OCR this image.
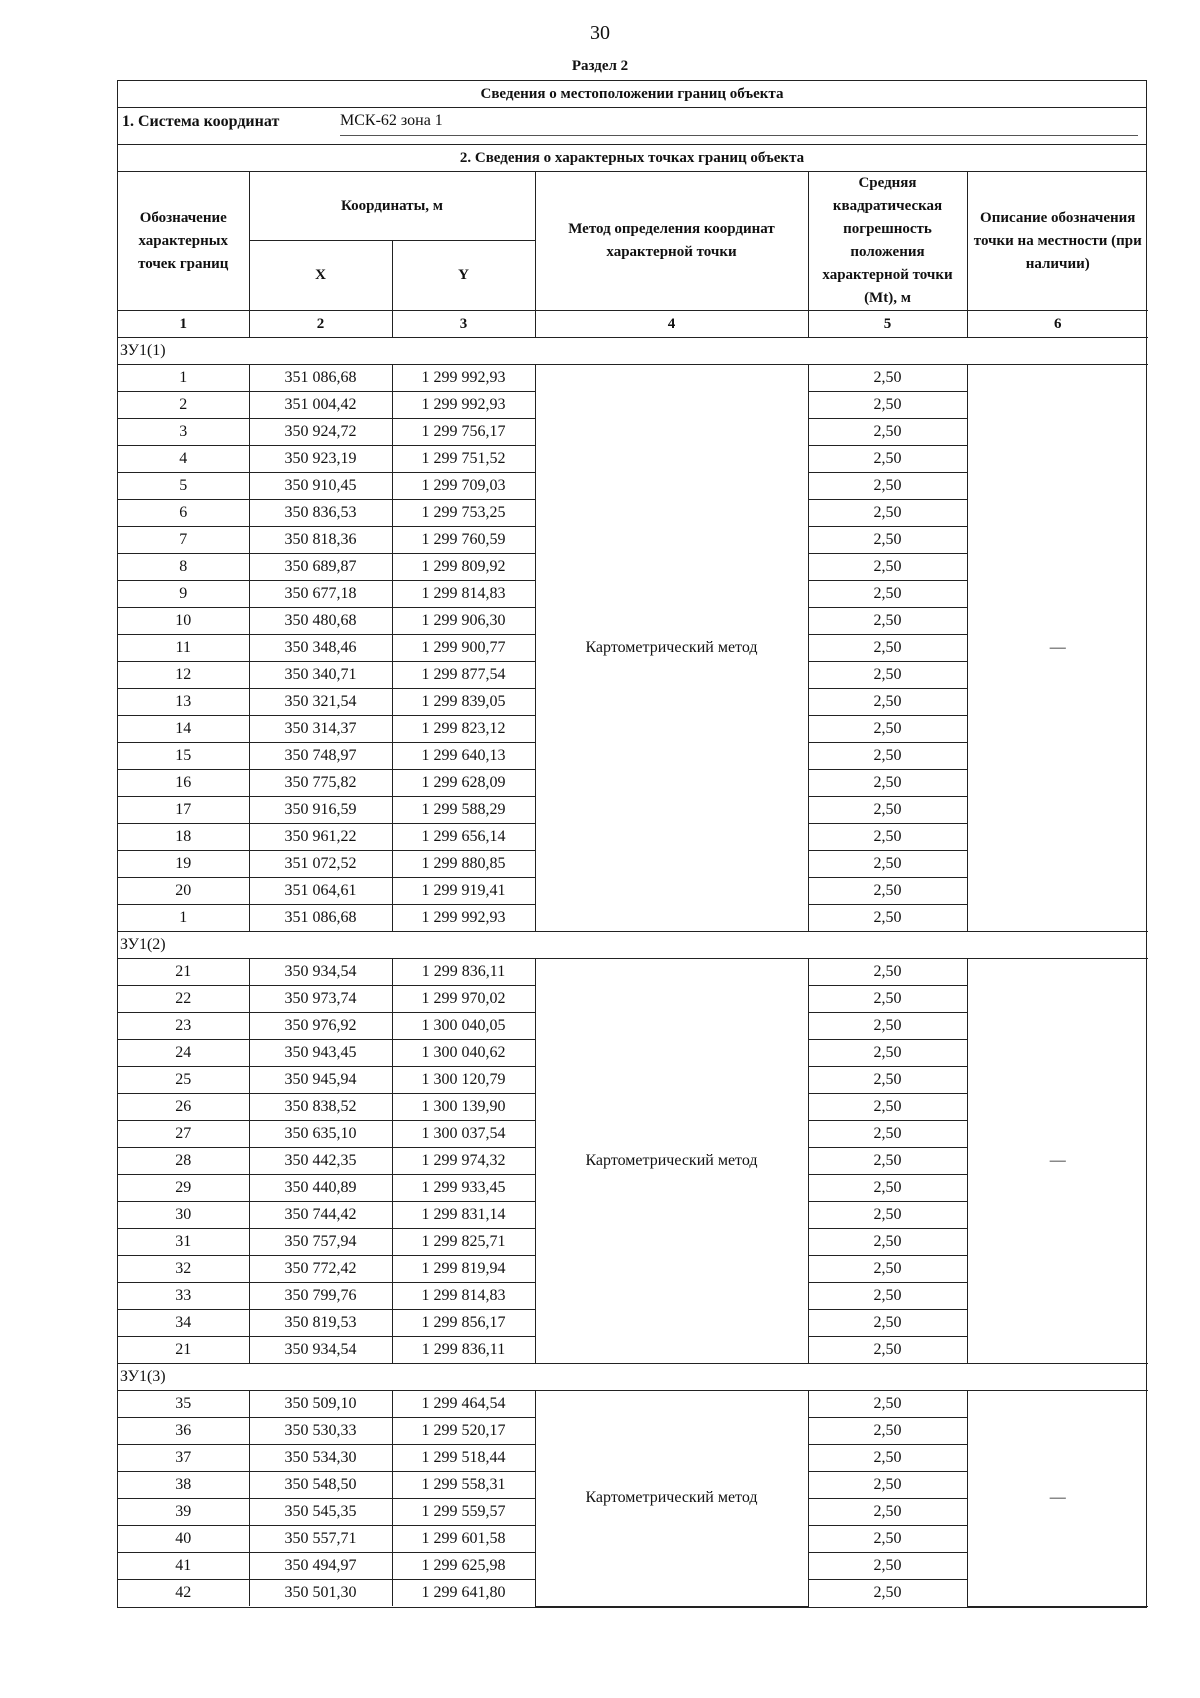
30
Раздел 2
Сведения о местоположении границ объекта
1. Система координат	МСК-62 зона 1
2. Сведения о характерных точках границ объекта
Обозначение характерных точек границ	Координаты, м		Метод определения координат характерной точки	Средняя квадратическая погрешность положения характерной точки (Mt), м	Описание обозначения точки на местности (при наличии)
	X	Y			
1	2	3	4	5	6
ЗУ1(1)					
1	351 086,68	1 299 992,93	Картометрический метод	2,50	—
2	351 004,42	1 299 992,93		2,50	
3	350 924,72	1 299 756,17		2,50	
4	350 923,19	1 299 751,52		2,50	
5	350 910,45	1 299 709,03		2,50	
6	350 836,53	1 299 753,25		2,50	
7	350 818,36	1 299 760,59		2,50	
8	350 689,87	1 299 809,92		2,50	
9	350 677,18	1 299 814,83		2,50	
10	350 480,68	1 299 906,30		2,50	
11	350 348,46	1 299 900,77		2,50	
12	350 340,71	1 299 877,54		2,50	
13	350 321,54	1 299 839,05		2,50	
14	350 314,37	1 299 823,12		2,50	
15	350 748,97	1 299 640,13		2,50	
16	350 775,82	1 299 628,09		2,50	
17	350 916,59	1 299 588,29		2,50	
18	350 961,22	1 299 656,14		2,50	
19	351 072,52	1 299 880,85		2,50	
20	351 064,61	1 299 919,41		2,50	
1	351 086,68	1 299 992,93		2,50	
ЗУ1(2)					
21	350 934,54	1 299 836,11	Картометрический метод	2,50	—
22	350 973,74	1 299 970,02		2,50	
23	350 976,92	1 300 040,05		2,50	
24	350 943,45	1 300 040,62		2,50	
25	350 945,94	1 300 120,79		2,50	
26	350 838,52	1 300 139,90		2,50	
27	350 635,10	1 300 037,54		2,50	
28	350 442,35	1 299 974,32		2,50	
29	350 440,89	1 299 933,45		2,50	
30	350 744,42	1 299 831,14		2,50	
31	350 757,94	1 299 825,71		2,50	
32	350 772,42	1 299 819,94		2,50	
33	350 799,76	1 299 814,83		2,50	
34	350 819,53	1 299 856,17		2,50	
21	350 934,54	1 299 836,11		2,50	
ЗУ1(3)					
35	350 509,10	1 299 464,54	Картометрический метод	2,50	—
36	350 530,33	1 299 520,17		2,50	
37	350 534,30	1 299 518,44		2,50	
38	350 548,50	1 299 558,31		2,50	
39	350 545,35	1 299 559,57		2,50	
40	350 557,71	1 299 601,58		2,50	
41	350 494,97	1 299 625,98		2,50	
42	350 501,30	1 299 641,80		2,50	
